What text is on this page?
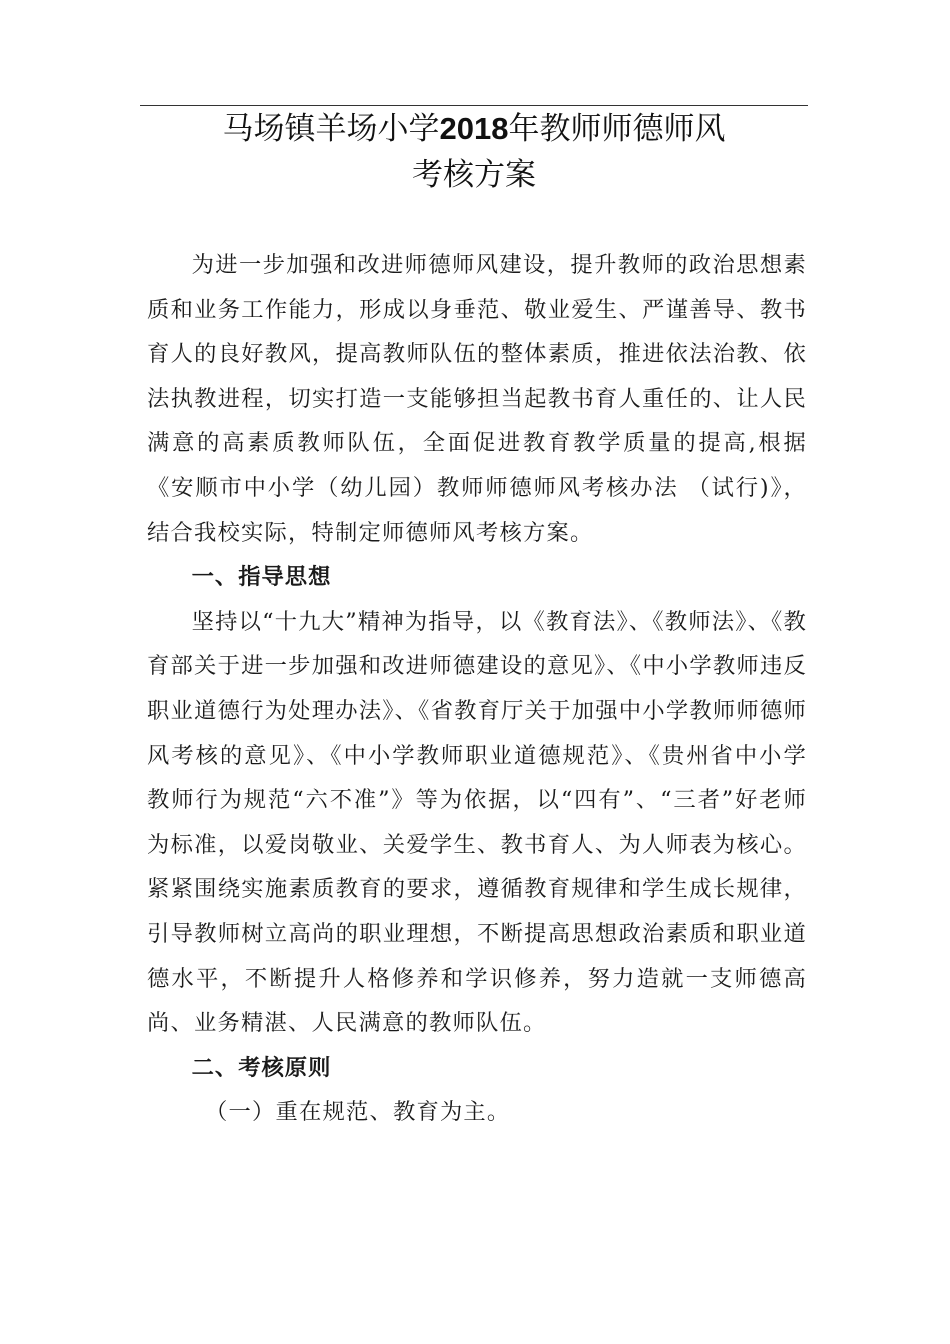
马场镇羊场小学2018年教师师德师风
考核方案

为进一步加强和改进师德师风建设，提升教师的政治思想素质和业务工作能力，形成以身垂范、敬业爱生、严谨善导、教书育人的良好教风，提高教师队伍的整体素质，推进依法治教、依法执教进程，切实打造一支能够担当起教书育人重任的、让人民满意的高素质教师队伍，全面促进教育教学质量的提高,根据《安顺市中小学（幼儿园）教师师德师风考核办法 （试行)》，结合我校实际，特制定师德师风考核方案。

一、指导思想

坚持以“十九大”精神为指导，以《教育法》、《教师法》、《教育部关于进一步加强和改进师德建设的意见》、《中小学教师违反职业道德行为处理办法》、《省教育厅关于加强中小学教师师德师风考核的意见》、《中小学教师职业道德规范》、《贵州省中小学教师行为规范“六不准”》等为依据，以“四有”、“三者”好老师为标准，以爱岗敬业、关爱学生、教书育人、为人师表为核心。紧紧围绕实施素质教育的要求，遵循教育规律和学生成长规律，引导教师树立高尚的职业理想，不断提高思想政治素质和职业道德水平，不断提升人格修养和学识修养，努力造就一支师德高尚、业务精湛、人民满意的教师队伍。

二、考核原则

（一）重在规范、教育为主。
